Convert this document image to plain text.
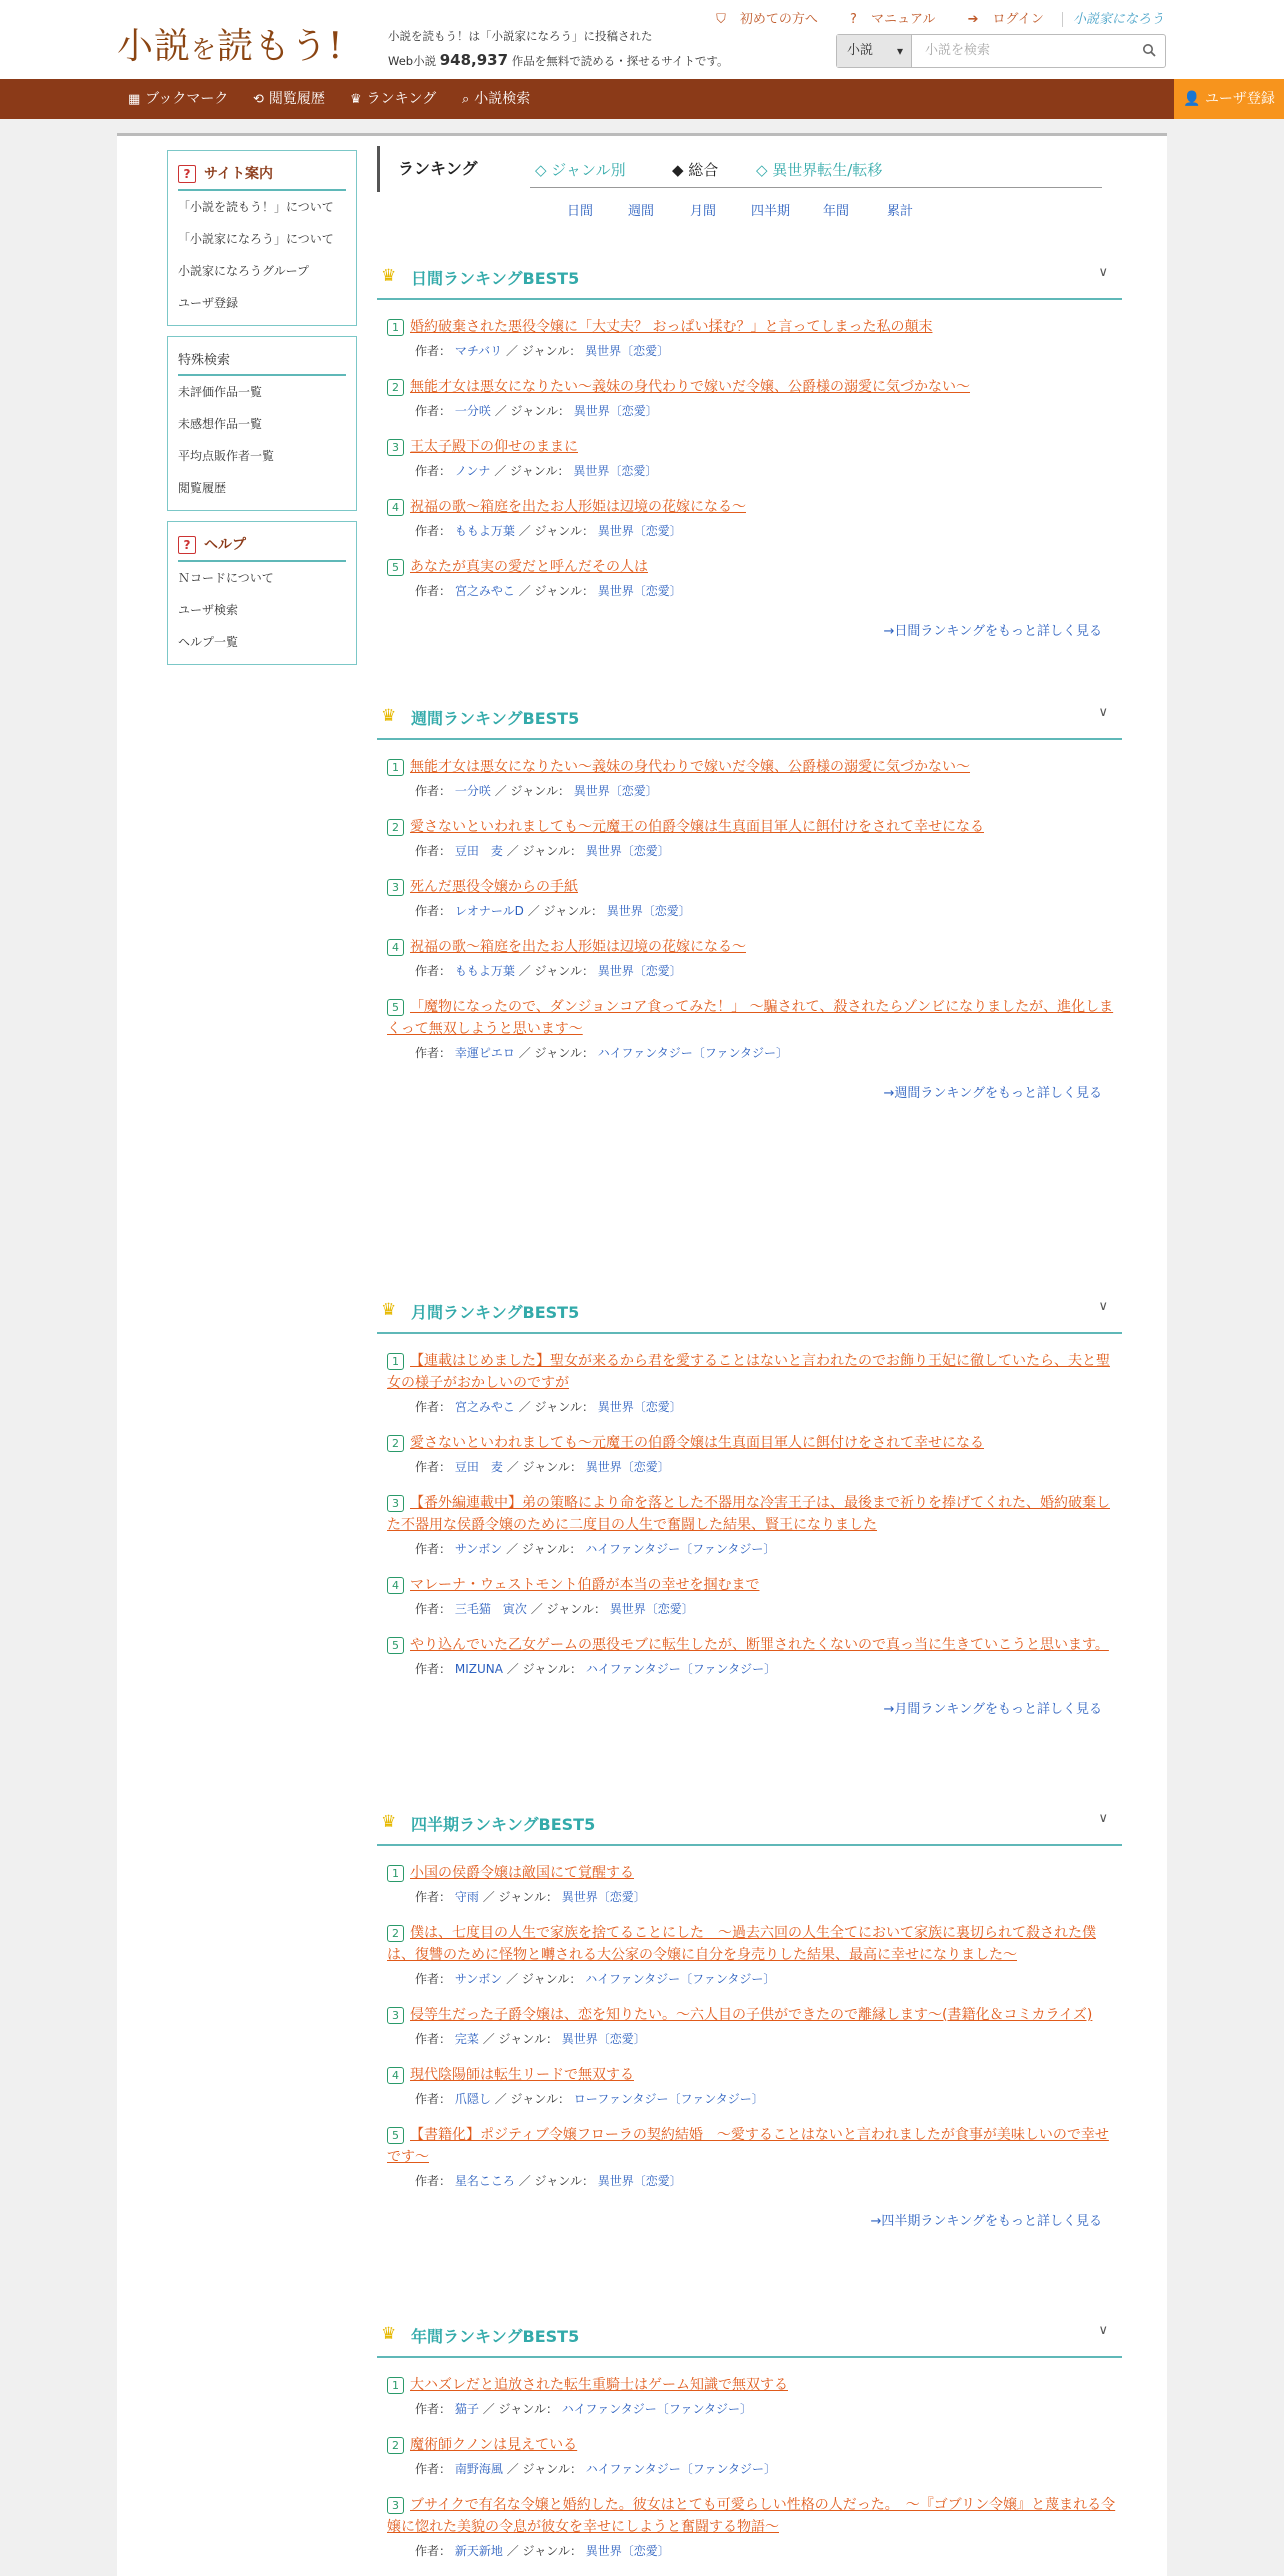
小説を読もう!	小説を読もう！は「小説家になろう」に投稿された
Web小説 948,937 作品を無料で読める・探せるサイトです。
⛉ 初めての方へ ? マニュアル ➔ ログイン 小説家になろう
小説 ▾ 小説を検索
▦ ブックマーク ⟲ 閲覧履歴 ♛ ランキング ⌕ 小説検索	👤 ユーザ登録
? サイト案内
「小説を読もう！」について
「小説家になろう」について
小説家になろうグループ
ユーザ登録
特殊検索
未評価作品一覧
未感想作品一覧
平均点販作者一覧
閲覧履歴
? ヘルプ
Ｎコードについて
ユーザ検索
ヘルプ一覧
ランキング	◇ ジャンル別	◆ 総合	◇ 異世界転生/転移
日間	週間	月間	四半期	年間	累計
♛ 日間ランキングBEST5	∨
1 婚約破棄された悪役令嬢に「大丈夫？ おっぱい揉む？」と言ってしまった私の顛末
作者： マチバリ ／ ジャンル： 異世界〔恋愛〕
2 無能才女は悪女になりたい～義妹の身代わりで嫁いだ令嬢、公爵様の溺愛に気づかない～
作者： 一分咲 ／ ジャンル： 異世界〔恋愛〕
3 王太子殿下の仰せのままに
作者： ノンナ ／ ジャンル： 異世界〔恋愛〕
4 祝福の歌～箱庭を出たお人形姫は辺境の花嫁になる～
作者： ももよ万葉 ／ ジャンル： 異世界〔恋愛〕
5 あなたが真実の愛だと呼んだその人は
作者： 宮之みやこ ／ ジャンル： 異世界〔恋愛〕
→日間ランキングをもっと詳しく見る
♛ 週間ランキングBEST5	∨
1 無能才女は悪女になりたい～義妹の身代わりで嫁いだ令嬢、公爵様の溺愛に気づかない～
作者： 一分咲 ／ ジャンル： 異世界〔恋愛〕
2 愛さないといわれましても～元魔王の伯爵令嬢は生真面目軍人に餌付けをされて幸せになる
作者： 豆田　麦 ／ ジャンル： 異世界〔恋愛〕
3 死んだ悪役令嬢からの手紙
作者： レオナールD ／ ジャンル： 異世界〔恋愛〕
4 祝福の歌～箱庭を出たお人形姫は辺境の花嫁になる～
作者： ももよ万葉 ／ ジャンル： 異世界〔恋愛〕
5 「魔物になったので、ダンジョンコア食ってみた！」 ～騙されて、殺されたらゾンビになりましたが、進化しまくって無双しようと思います～
作者： 幸運ピエロ ／ ジャンル： ハイファンタジー〔ファンタジー〕
→週間ランキングをもっと詳しく見る
♛ 月間ランキングBEST5	∨
1 【連載はじめました】聖女が来るから君を愛することはないと言われたのでお飾り王妃に徹していたら、夫と聖女の様子がおかしいのですが
作者： 宮之みやこ ／ ジャンル： 異世界〔恋愛〕
2 愛さないといわれましても～元魔王の伯爵令嬢は生真面目軍人に餌付けをされて幸せになる
作者： 豆田　麦 ／ ジャンル： 異世界〔恋愛〕
3 【番外編連載中】弟の策略により命を落とした不器用な冷害王子は、最後まで祈りを捧げてくれた、婚約破棄した不器用な侯爵令嬢のために二度目の人生で奮闘した結果、賢王になりました
作者： サンボン ／ ジャンル： ハイファンタジー〔ファンタジー〕
4 マレーナ・ウェストモント伯爵が本当の幸せを掴むまで
作者： 三毛猫　寅次 ／ ジャンル： 異世界〔恋愛〕
5 やり込んでいた乙女ゲームの悪役モブに転生したが、断罪されたくないので真っ当に生きていこうと思います。
作者： MIZUNA ／ ジャンル： ハイファンタジー〔ファンタジー〕
→月間ランキングをもっと詳しく見る
♛ 四半期ランキングBEST5	∨
1 小国の侯爵令嬢は敵国にて覚醒する
作者： 守雨 ／ ジャンル： 異世界〔恋愛〕
2 僕は、七度目の人生で家族を捨てることにした　～過去六回の人生全てにおいて家族に裏切られて殺された僕は、復讐のために怪物と囀される大公家の令嬢に自分を身売りした結果、最高に幸せになりました～
作者： サンボン ／ ジャンル： ハイファンタジー〔ファンタジー〕
3 侵等生だった子爵令嬢は、恋を知りたい。～六人目の子供ができたので離縁します～(書籍化＆コミカライズ)
作者： 完菜 ／ ジャンル： 異世界〔恋愛〕
4 現代陰陽師は転生リードで無双する
作者： 爪隠し ／ ジャンル： ローファンタジー〔ファンタジー〕
5 【書籍化】ポジティブ令嬢フローラの契約結婚　～愛することはないと言われましたが食事が美味しいので幸せです～
作者： 星名こころ ／ ジャンル： 異世界〔恋愛〕
→四半期ランキングをもっと詳しく見る
♛ 年間ランキングBEST5	∨
1 大ハズレだと追放された転生重騎士はゲーム知識で無双する
作者： 猫子 ／ ジャンル： ハイファンタジー〔ファンタジー〕
2 魔術師クノンは見えている
作者： 南野海風 ／ ジャンル： ハイファンタジー〔ファンタジー〕
3 ブサイクで有名な令嬢と婚約した。彼女はとても可愛らしい性格の人だった。　～『ゴブリン令嬢』と蔑まれる令嬢に惚れた美貌の令息が彼女を幸せにしようと奮闘する物語～
作者： 新天新地 ／ ジャンル： 異世界〔恋愛〕
